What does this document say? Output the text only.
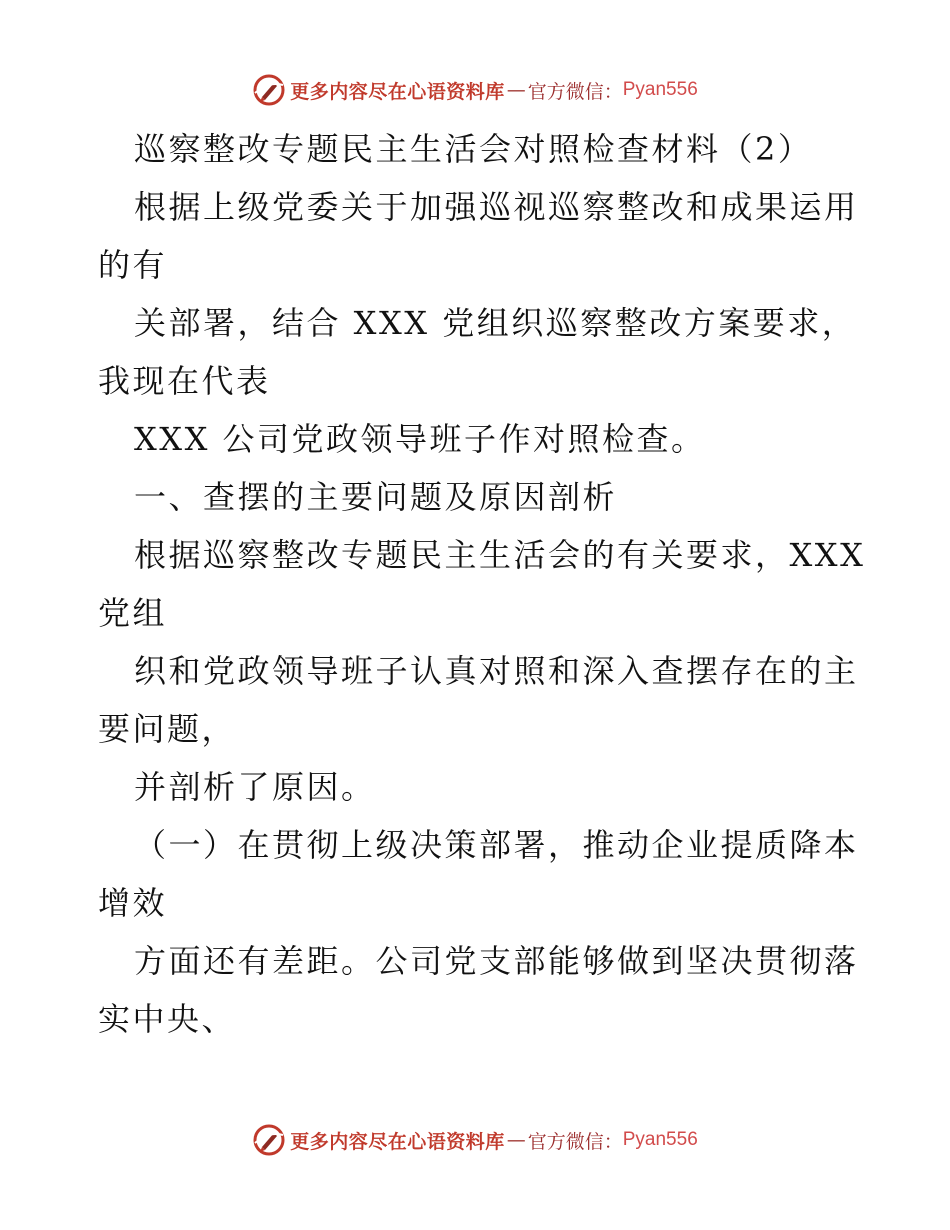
更多内容尽在心语资料库 — 官方微信： Pyan556
巡察整改专题民主生活会对照检查材料（2）
根据上级党委关于加强巡视巡察整改和成果运用
的有
关部署，结合 XXX 党组织巡察整改方案要求，
我现在代表
XXX 公司党政领导班子作对照检查。
一、查摆的主要问题及原因剖析
根据巡察整改专题民主生活会的有关要求，XXX
党组
织和党政领导班子认真对照和深入查摆存在的主
要问题，
并剖析了原因。
（一）在贯彻上级决策部署，推动企业提质降本
增效
方面还有差距。公司党支部能够做到坚决贯彻落
实中央、
更多内容尽在心语资料库 — 官方微信： Pyan556
